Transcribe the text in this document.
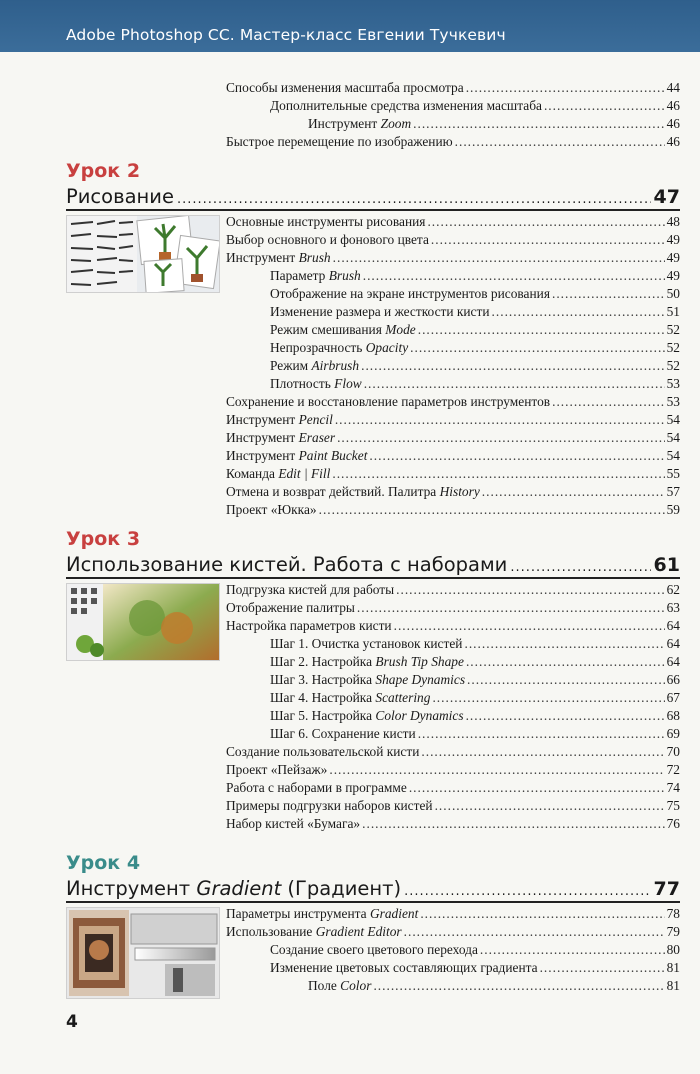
Adobe Photoshop CC. Мастер-класс Евгении Тучкевич
Способы изменения масштаба просмотра .....	44
Дополнительные средства изменения масштаба .....	46
Инструмент Zoom .....	46
Быстрое перемещение по изображению .....	46
Урок 2
Рисование .....	47
Основные инструменты рисования .....	48
Выбор основного и фонового цвета .....	49
Инструмент Brush .....	49
Параметр Brush .....	49
Отображение на экране инструментов рисования .....	50
Изменение размера и жесткости кисти .....	51
Режим смешивания Mode .....	52
Непрозрачность Opacity .....	52
Режим Airbrush .....	52
Плотность Flow .....	53
Сохранение и восстановление параметров инструментов .....	53
Инструмент Pencil .....	54
Инструмент Eraser .....	54
Инструмент Paint Bucket .....	54
Команда Edit | Fill .....	55
Отмена и возврат действий. Палитра History .....	57
Проект «Юкка» .....	59
Урок 3
Использование кистей. Работа с наборами .....	61
Подгрузка кистей для работы .....	62
Отображение палитры .....	63
Настройка параметров кисти .....	64
Шаг 1. Очистка установок кистей .....	64
Шаг 2. Настройка Brush Tip Shape .....	64
Шаг 3. Настройка Shape Dynamics .....	66
Шаг 4. Настройка Scattering .....	67
Шаг 5. Настройка Color Dynamics .....	68
Шаг 6. Сохранение кисти .....	69
Создание пользовательской кисти .....	70
Проект «Пейзаж» .....	72
Работа с наборами в программе .....	74
Примеры подгрузки наборов кистей .....	75
Набор кистей «Бумага» .....	76
Урок 4
Инструмент Gradient (Градиент) .....	77
Параметры инструмента Gradient .....	78
Использование Gradient Editor .....	79
Создание своего цветового перехода .....	80
Изменение цветовых составляющих градиента .....	81
Поле Color .....	81
4
